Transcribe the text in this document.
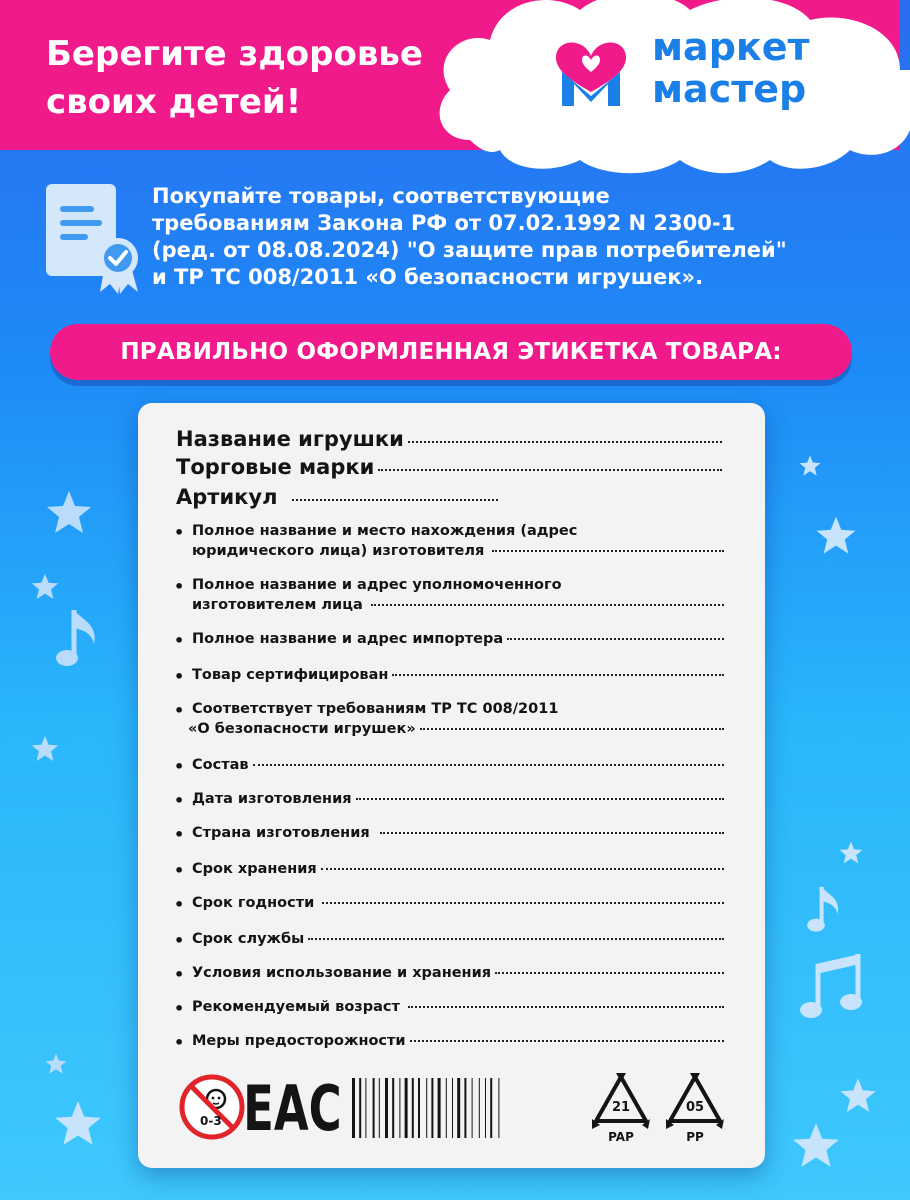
Берегите здоровье
своих детей!
маркет
мастер
Покупайте товары, соответствующие
требованиям Закона РФ от 07.02.1992 N 2300-1
(ред. от 08.08.2024) "О защите прав потребителей"
и ТР ТС 008/2011 «О безопасности игрушек».
ПРАВИЛЬНО ОФОРМЛЕННАЯ ЭТИКЕТКА ТОВАРА:
Название игрушки
Торговые марки
Артикул
• Полное название и место нахождения (адрес
юридического лица) изготовителя
• Полное название и адрес уполномоченного
изготовителем лица
• Полное название и адрес импортера
• Товар сертифицирован
• Соответствует требованиям ТР ТС 008/2011
«О безопасности игрушек»
• Состав
• Дата изготовления
• Страна изготовления
• Срок хранения
• Срок годности
• Срок службы
• Условия использование и хранения
• Рекомендуемый возраст
• Меры предосторожности
0-3 EAC	21
PAP
05
PP
